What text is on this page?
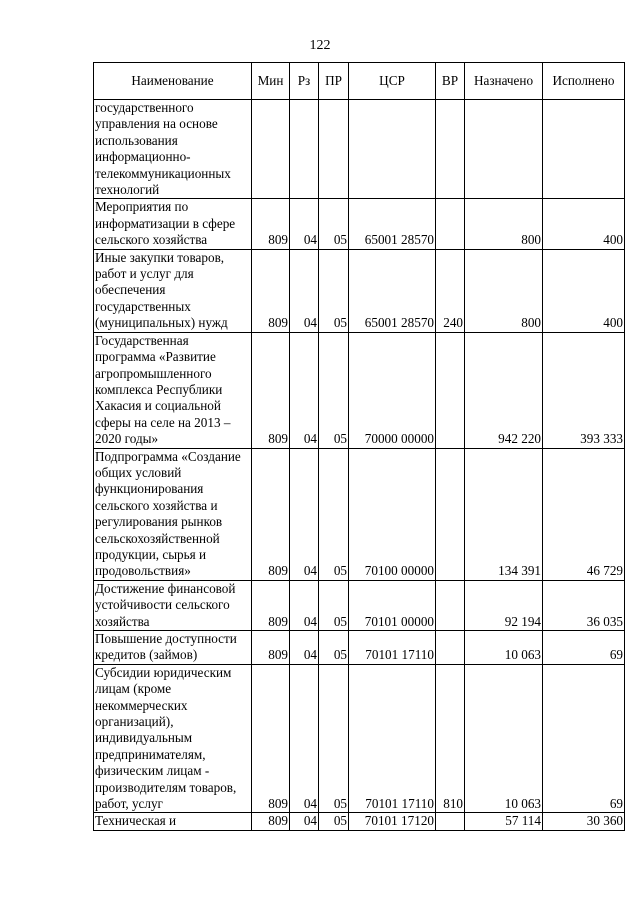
122
Наименование	Мин	Рз	ПР	ЦСР	ВР	Назначено	Исполнено
государственного управления на основе использования информационно-телекоммуникационных технологий							
Мероприятия по информатизации в сфере сельского хозяйства	809	04	05	65001 28570		800	400
Иные закупки товаров, работ и услуг для обеспечения государственных (муниципальных) нужд	809	04	05	65001 28570	240	800	400
Государственная программа «Развитие агропромышленного комплекса Республики Хакасия и социальной сферы на селе на 2013 – 2020 годы»	809	04	05	70000 00000		942 220	393 333
Подпрограмма «Создание общих условий функционирования сельского хозяйства и регулирования рынков сельскохозяйственной продукции, сырья и продовольствия»	809	04	05	70100 00000		134 391	46 729
Достижение финансовой устойчивости сельского хозяйства	809	04	05	70101 00000		92 194	36 035
Повышение доступности кредитов (займов)	809	04	05	70101 17110		10 063	69
Субсидии юридическим лицам (кроме некоммерческих организаций), индивидуальным предпринимателям, физическим лицам - производителям товаров, работ, услуг	809	04	05	70101 17110	810	10 063	69
Техническая и	809	04	05	70101 17120		57 114	30 360
